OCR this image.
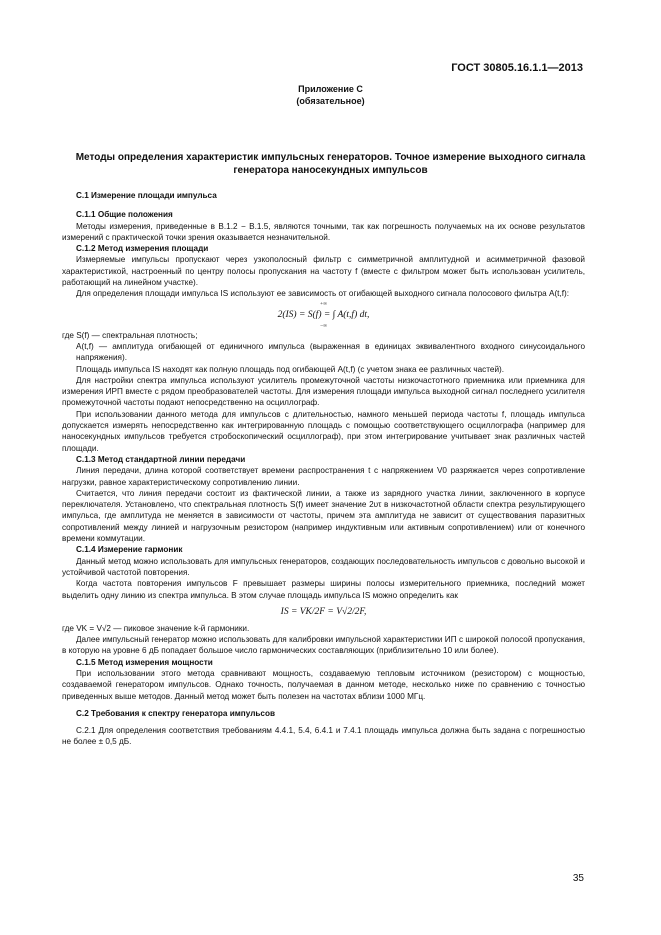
ГОСТ 30805.16.1.1—2013
Приложение С
(обязательное)
Методы определения характеристик импульсных генераторов. Точное измерение выходного сигнала генератора наносекундных импульсов

С.1 Измерение площади импульса

С.1.1 Общие положения

Методы измерения, приведенные в В.1.2 − В.1.5, являются точными, так как погрешность получаемых на их основе результатов измерений с практической точки зрения оказывается незначительной.

С.1.2 Метод измерения площади

Измеряемые импульсы пропускают через узкополосный фильтр с симметричной амплитудной и асимметричной фазовой характеристикой, настроенный по центру полосы пропускания на частоту f (вместе с фильтром может быть использован усилитель, работающий на линейном участке).

Для определения площади импульса IS используют ее зависимость от огибающей выходного сигнала полосового фильтра A(t,f):

2(IS) = S(f) = ∫ A(t,f) dt,
+∞
−∞

где S(f) — спектральная плотность;

A(t,f) — амплитуда огибающей от единичного импульса (выраженная в единицах эквивалентного входного синусоидального напряжения).

Площадь импульса IS находят как полную площадь под огибающей A(t,f) (с учетом знака ее различных частей).

Для настройки спектра импульса используют усилитель промежуточной частоты низкочастотного приемника или приемника для измерения ИРП вместе с рядом преобразователей частоты. Для измерения площади импульса выходной сигнал последнего усилителя промежуточной частоты подают непосредственно на осциллограф.

При использовании данного метода для импульсов с длительностью, намного меньшей периода частоты f, площадь импульса допускается измерять непосредственно как интегрированную площадь с помощью соответствующего осциллографа (например для наносекундных импульсов требуется стробоскопический осциллограф), при этом интегрирование учитывает знак различных частей площади.

С.1.3 Метод стандартной линии передачи

Линия передачи, длина которой соответствует времени распространения t с напряжением V0 разряжается через сопротивление нагрузки, равное характеристическому сопротивлению линии.

Считается, что линия передачи состоит из фактической линии, а также из зарядного участка линии, заключенного в корпусе переключателя. Установлено, что спектральная плотность S(f) имеет значение 2υτ в низкочастотной области спектра результирующего импульса, где амплитуда не меняется в зависимости от частоты, причем эта амплитуда не зависит от существования паразитных сопротивлений между линией и нагрузочным резистором (например индуктивным или активным сопротивлением) или от конечного времени коммутации.

С.1.4 Измерение гармоник

Данный метод можно использовать для импульсных генераторов, создающих последовательность импульсов с довольно высокой и устойчивой частотой повторения.

Когда частота повторения импульсов F превышает размеры ширины полосы измерительного приемника, последний может выделить одну линию из спектра импульса. В этом случае площадь импульса IS можно определить как

IS = VK/2F = V√2/2F,

где VK = V√2 — пиковое значение k-й гармоники.

Далее импульсный генератор можно использовать для калибровки импульсной характеристики ИП с широкой полосой пропускания, в которую на уровне 6 дБ попадает большое число гармонических составляющих (приблизительно 10 или более).

С.1.5 Метод измерения мощности

При использовании этого метода сравнивают мощность, создаваемую тепловым источником (резистором) с мощностью, создаваемой генератором импульсов. Однако точность, получаемая в данном методе, несколько ниже по сравнению с точностью приведенных выше методов. Данный метод может быть полезен на частотах вблизи 1000 МГц.

С.2 Требования к спектру генератора импульсов

С.2.1 Для определения соответствия требованиям 4.4.1, 5.4, 6.4.1 и 7.4.1 площадь импульса должна быть задана с погрешностью не более ± 0,5 дБ.

35
